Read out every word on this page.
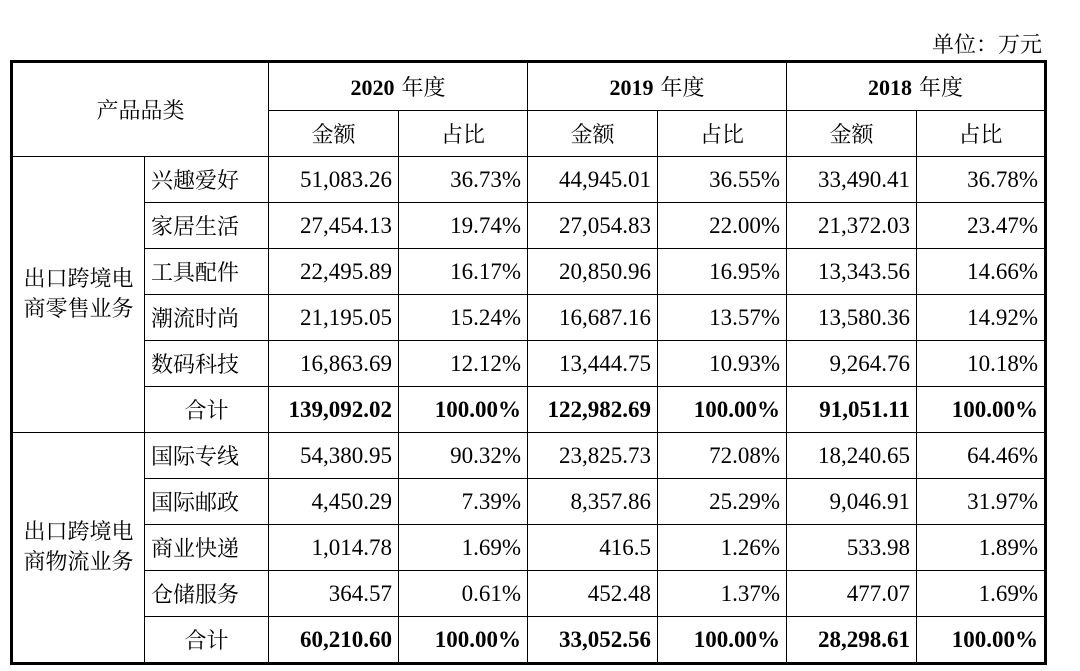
单位：万元
产品品类		2020 年度		2019 年度		2018 年度	
		金额	占比	金额	占比	金额	占比
出口跨境电商零售业务	兴趣爱好	51,083.26	36.73%	44,945.01	36.55%	33,490.41	36.78%
	家居生活	27,454.13	19.74%	27,054.83	22.00%	21,372.03	23.47%
	工具配件	22,495.89	16.17%	20,850.96	16.95%	13,343.56	14.66%
	潮流时尚	21,195.05	15.24%	16,687.16	13.57%	13,580.36	14.92%
	数码科技	16,863.69	12.12%	13,444.75	10.93%	9,264.76	10.18%
	合计	139,092.02	100.00%	122,982.69	100.00%	91,051.11	100.00%
出口跨境电商物流业务	国际专线	54,380.95	90.32%	23,825.73	72.08%	18,240.65	64.46%
	国际邮政	4,450.29	7.39%	8,357.86	25.29%	9,046.91	31.97%
	商业快递	1,014.78	1.69%	416.5	1.26%	533.98	1.89%
	仓储服务	364.57	0.61%	452.48	1.37%	477.07	1.69%
	合计	60,210.60	100.00%	33,052.56	100.00%	28,298.61	100.00%
